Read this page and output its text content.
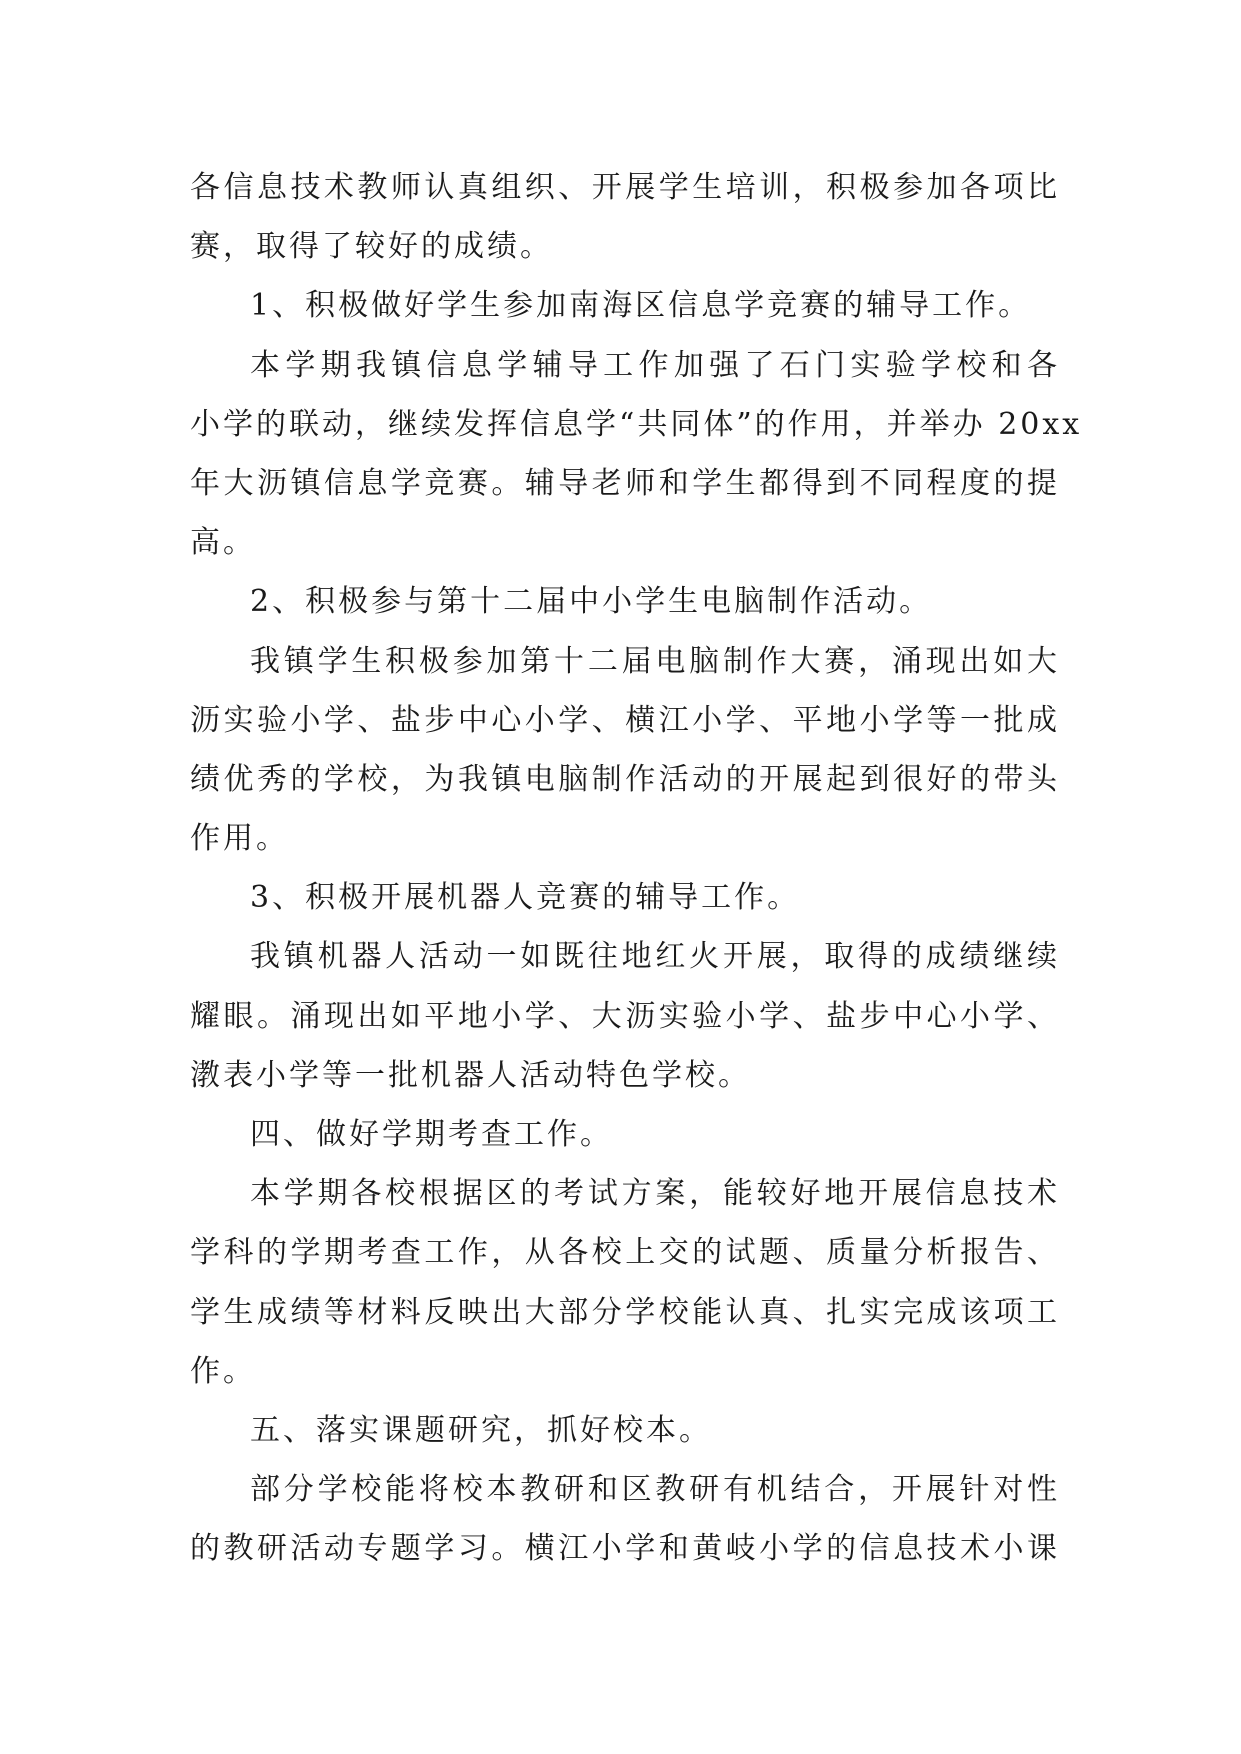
各信息技术教师认真组织、开展学生培训，积极参加各项比
赛，取得了较好的成绩。
1、积极做好学生参加南海区信息学竞赛的辅导工作。
本学期我镇信息学辅导工作加强了石门实验学校和各
小学的联动，继续发挥信息学“共同体”的作用，并举办 20xx
年大沥镇信息学竞赛。辅导老师和学生都得到不同程度的提
高。
2、积极参与第十二届中小学生电脑制作活动。
我镇学生积极参加第十二届电脑制作大赛，涌现出如大
沥实验小学、盐步中心小学、横江小学、平地小学等一批成
绩优秀的学校，为我镇电脑制作活动的开展起到很好的带头
作用。
3、积极开展机器人竞赛的辅导工作。
我镇机器人活动一如既往地红火开展，取得的成绩继续
耀眼。涌现出如平地小学、大沥实验小学、盐步中心小学、
漖表小学等一批机器人活动特色学校。
四、做好学期考查工作。
本学期各校根据区的考试方案，能较好地开展信息技术
学科的学期考查工作，从各校上交的试题、质量分析报告、
学生成绩等材料反映出大部分学校能认真、扎实完成该项工
作。
五、落实课题研究，抓好校本。
部分学校能将校本教研和区教研有机结合，开展针对性
的教研活动专题学习。横江小学和黄岐小学的信息技术小课
